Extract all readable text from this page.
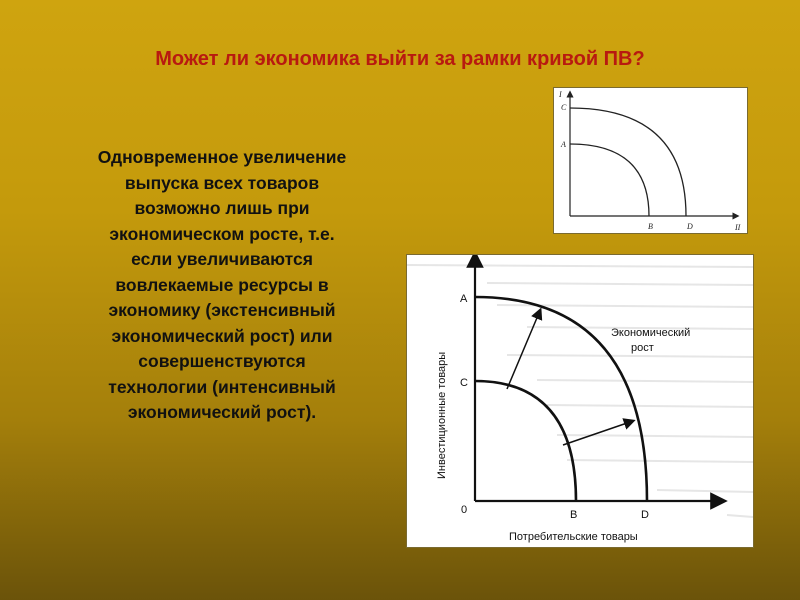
Может ли экономика выйти за рамки кривой ПВ?
Одновременное увеличение
выпуска всех товаров
возможно лишь при
экономическом росте, т.е.
если увеличиваются
вовлекаемые ресурсы в
экономику (экстенсивный
экономический рост) или
совершенствуются
технологии (интенсивный
экономический рост).
I
C
A
B	D	II
Инвестиционные товары
A
C
0	B	D
Экономический
рост
Потребительские товары
